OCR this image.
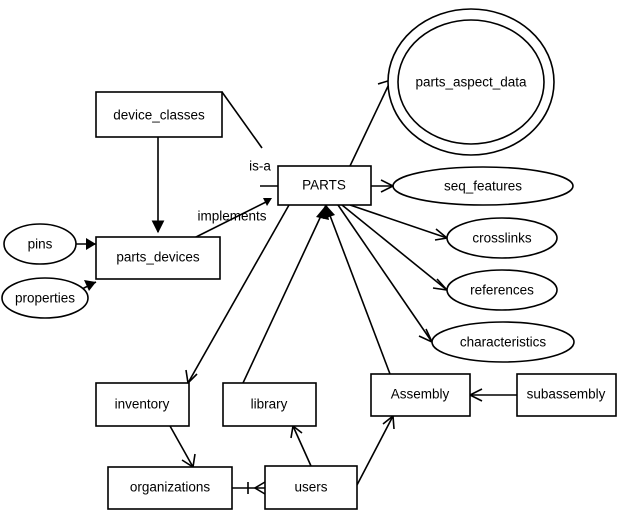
device_classes
PARTS
parts_devices
inventory	library
Assembly	subassembly
organizations	users
parts_aspect_data
seq_features
crosslinks
references
characteristics
pins
properties
is-a
implements
